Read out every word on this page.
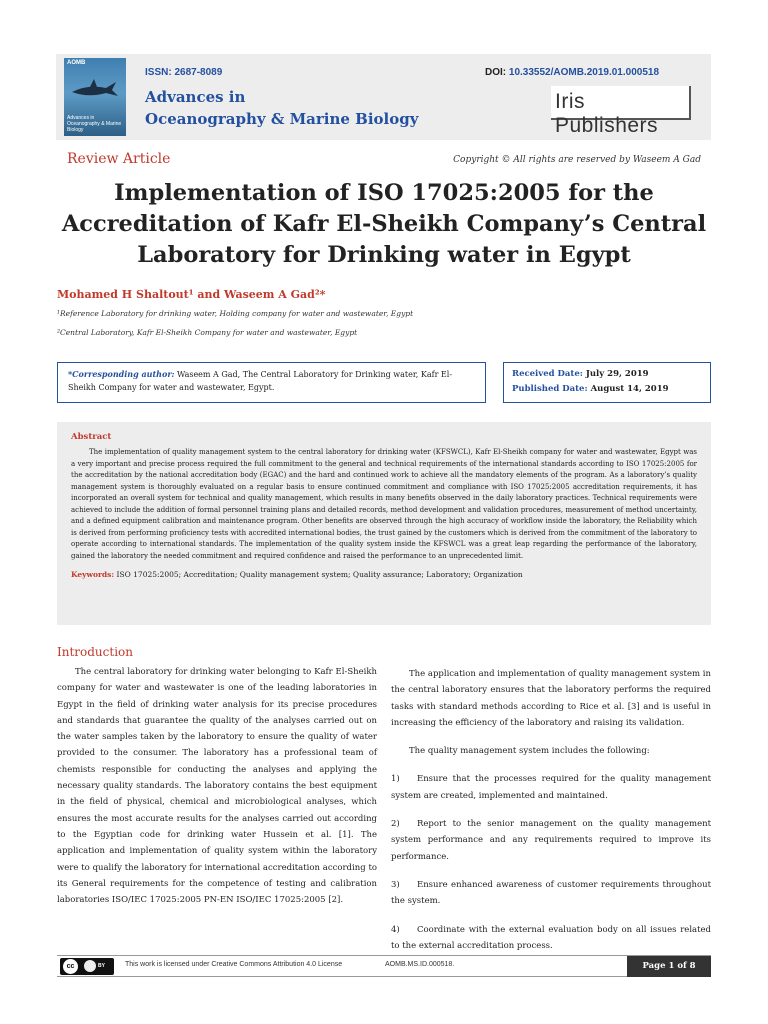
AOMB
Advances in Oceanography & Marine Biology
ISSN: 2687-8089	DOI: 10.33552/AOMB.2019.01.000518
Advances in
Oceanography & Marine Biology
Iris Publishers
Review Article	Copyright © All rights are reserved by Waseem A Gad
Implementation of ISO 17025:2005 for the Accreditation of Kafr El-Sheikh Company’s Central Laboratory for Drinking water in Egypt
Mohamed H Shaltout¹ and Waseem A Gad²*
¹Reference Laboratory for drinking water, Holding company for water and wastewater, Egypt
²Central Laboratory, Kafr El-Sheikh Company for water and wastewater, Egypt

*Corresponding author: Waseem A Gad, The Central Laboratory for Drinking water, Kafr El-Sheikh Company for water and wastewater, Egypt.

Received Date: July 29, 2019

Published Date: August 14, 2019

Abstract

The implementation of quality management system to the central laboratory for drinking water (KFSWCL), Kafr El-Sheikh company for water and wastewater, Egypt was a very important and precise process required the full commitment to the general and technical requirements of the international standards according to ISO 17025:2005 for the accreditation by the national accreditation body (EGAC) and the hard and continued work to achieve all the mandatory elements of the program. As a laboratory’s quality management system is thoroughly evaluated on a regular basis to ensure continued commitment and compliance with ISO 17025:2005 accreditation requirements, it has incorporated an overall system for technical and quality management, which results in many benefits observed in the daily laboratory practices. Technical requirements were achieved to include the addition of formal personnel training plans and detailed records, method development and validation procedures, measurement of method uncertainty, and a defined equipment calibration and maintenance program. Other benefits are observed through the high accuracy of workflow inside the laboratory, the Reliability which is derived from performing proficiency tests with accredited international bodies, the trust gained by the customers which is derived from the commitment of the laboratory to operate according to international standards. The implementation of the quality system inside the KFSWCL was a great leap regarding the performance of the laboratory, gained the laboratory the needed commitment and required confidence and raised the performance to an unprecedented limit.

Keywords: ISO 17025:2005; Accreditation; Quality management system; Quality assurance; Laboratory; Organization

Introduction
The central laboratory for drinking water belonging to Kafr El-Sheikh company for water and wastewater is one of the leading laboratories in Egypt in the field of drinking water analysis for its precise procedures and standards that guarantee the quality of the analyses carried out on the water samples taken by the laboratory to ensure the quality of water provided to the consumer. The laboratory has a professional team of chemists responsible for conducting the analyses and applying the necessary quality standards. The laboratory contains the best equipment in the field of physical, chemical and microbiological analyses, which ensures the most accurate results for the analyses carried out according to the Egyptian code for drinking water Hussein et al. [1]. The application and implementation of quality system within the laboratory were to qualify the laboratory for international accreditation according to its General requirements for the competence of testing and calibration laboratories ISO/IEC 17025:2005 PN-EN ISO/IEC 17025:2005 [2].

The application and implementation of quality management system in the central laboratory ensures that the laboratory performs the required tasks with standard methods according to Rice et al. [3] and is useful in increasing the efficiency of the laboratory and raising its validation.

The quality management system includes the following:

1) Ensure that the processes required for the quality management system are created, implemented and maintained.

2) Report to the senior management on the quality management system performance and any requirements required to improve its performance.

3) Ensure enhanced awareness of customer requirements throughout the system.

4) Coordinate with the external evaluation body on all issues related to the external accreditation process.

cc	BY	This work is licensed under Creative Commons Attribution 4.0 License	AOMB.MS.ID.000518.	Page 1 of 8
